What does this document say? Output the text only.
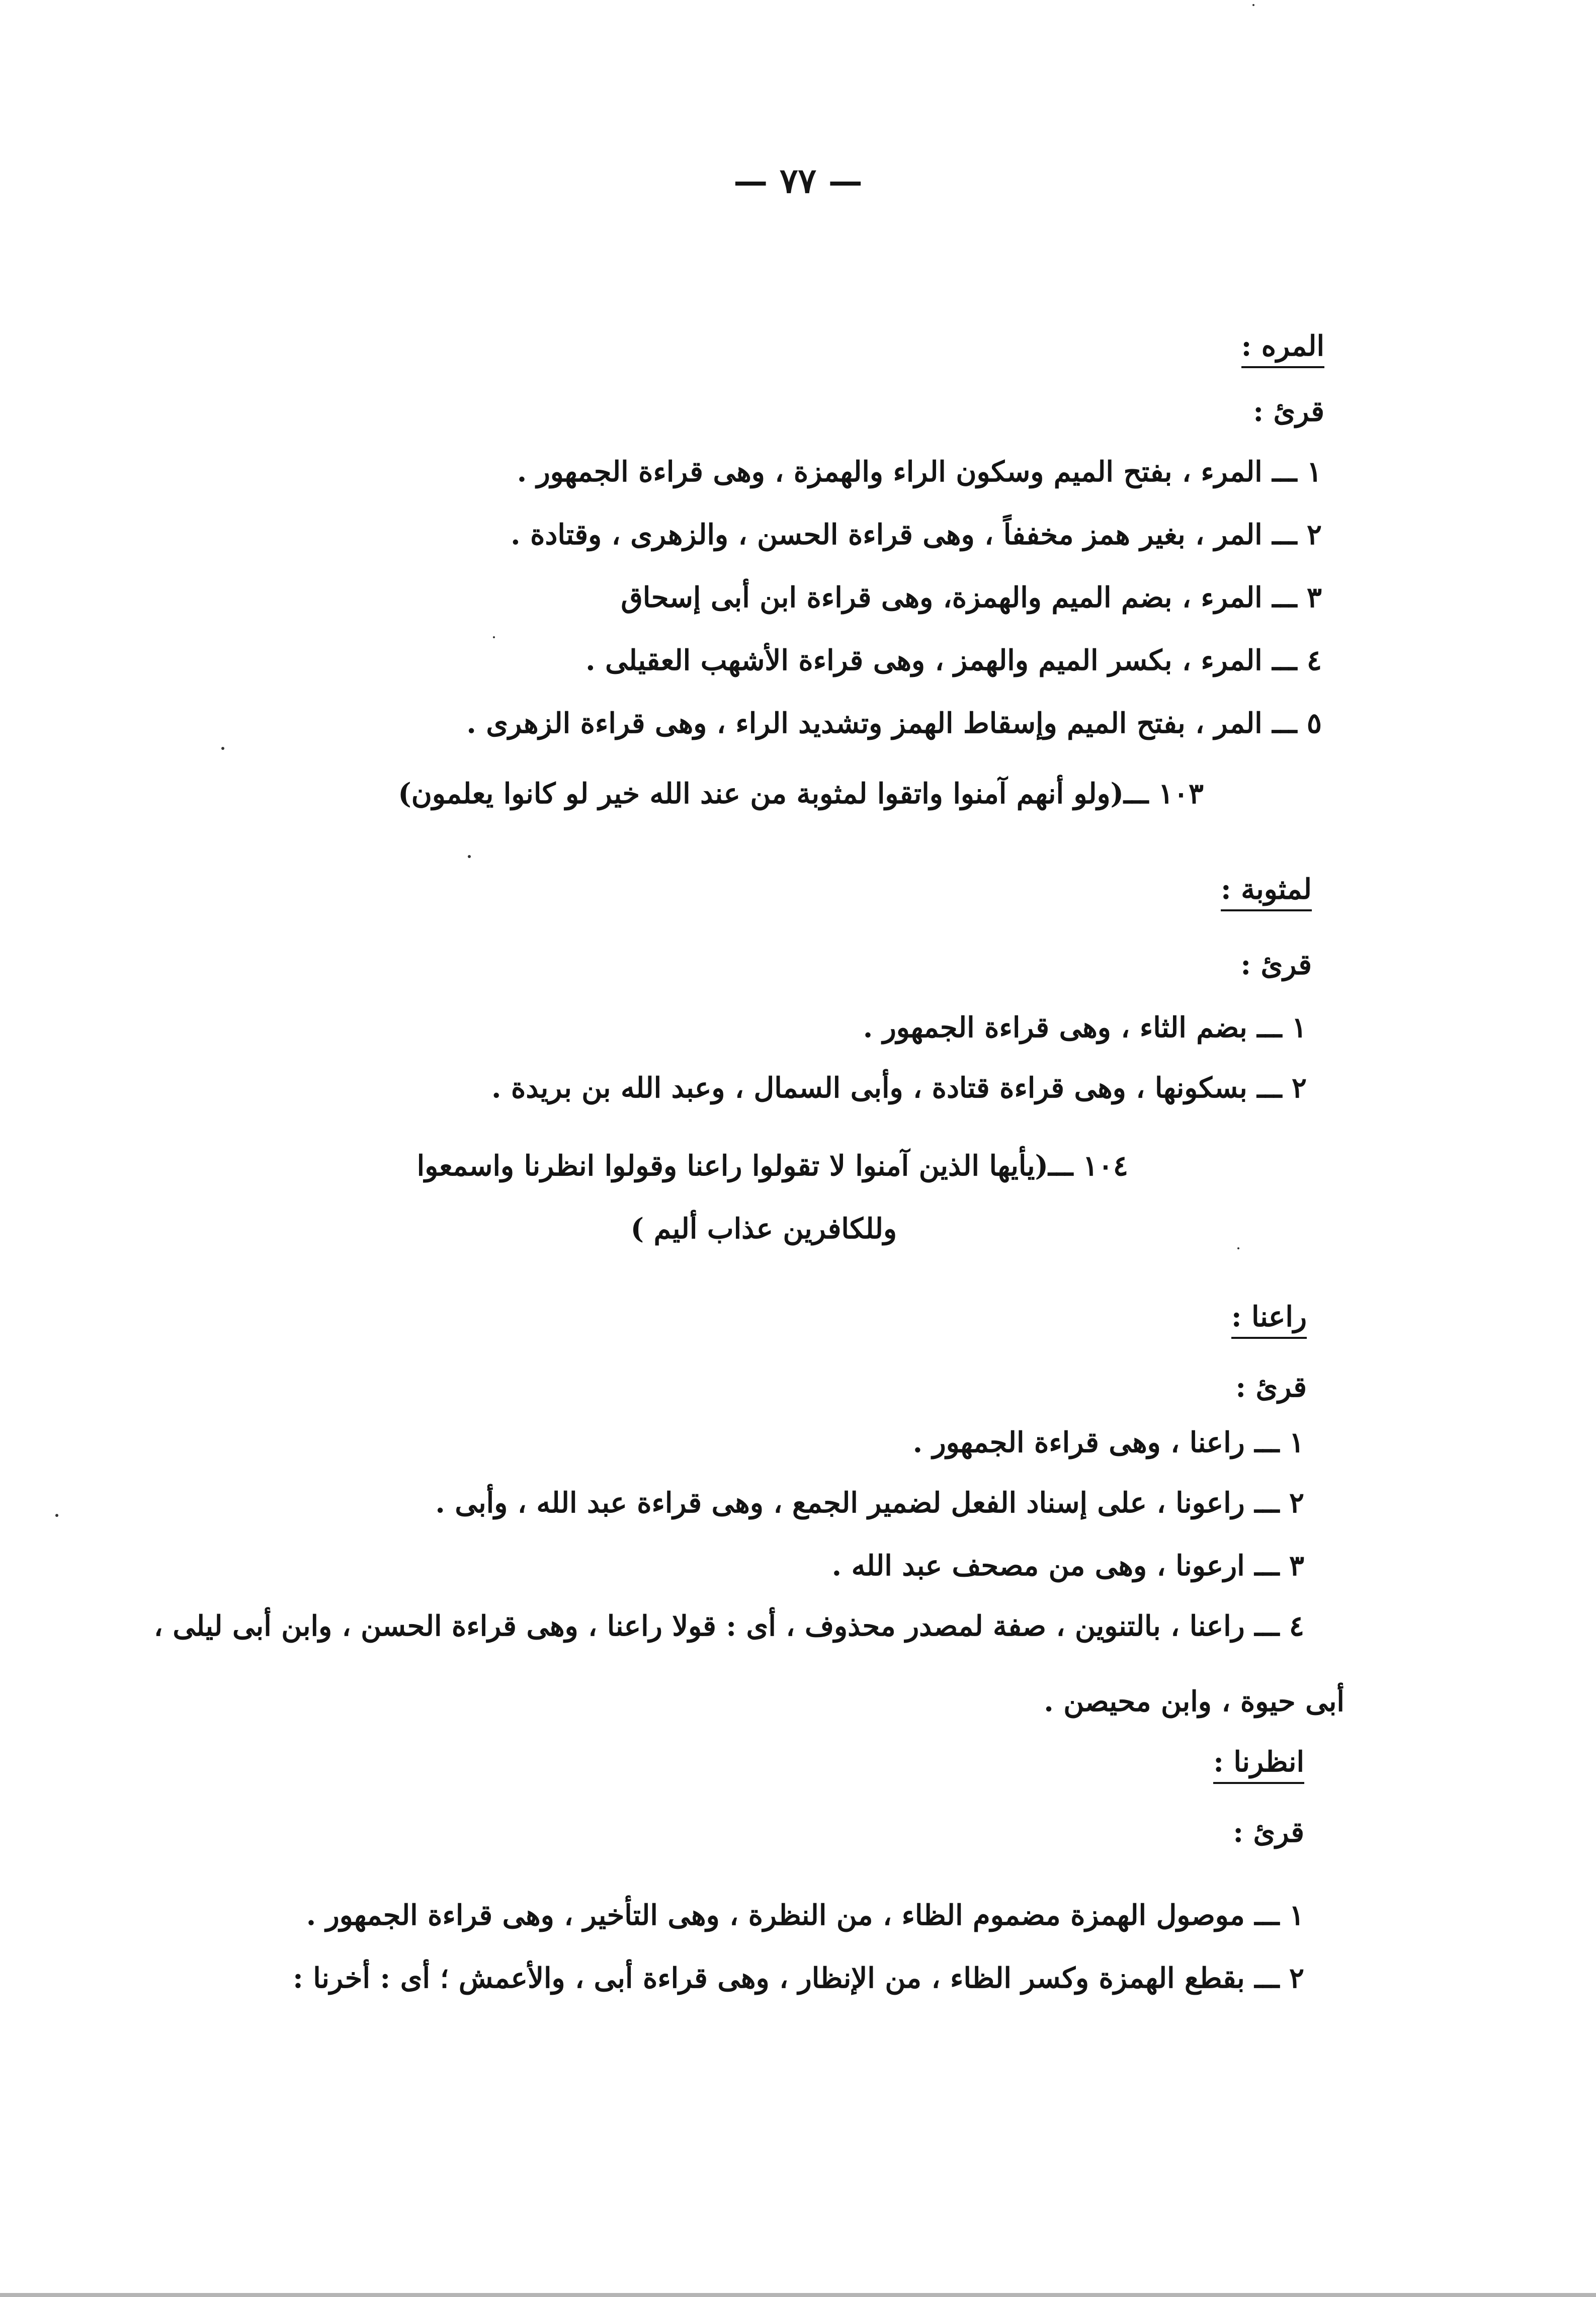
— ٧٧ —
المره :
قرئ :
١ ـــ المرء ، بفتح الميم وسكون الراء والهمزة ، وهى قراءة الجمهور .
٢ ـــ المر ، بغير همز مخففاً ، وهى قراءة الحسن ، والزهرى ، وقتادة .
٣ ـــ المرء ، بضم الميم والهمزة، وهى قراءة ابن أبى إسحاق
٤ ـــ المرء ، بكسر الميم والهمز ، وهى قراءة الأشهب العقيلى .
٥ ـــ المر ، بفتح الميم وإسقاط الهمز وتشديد الراء ، وهى قراءة الزهرى .
١٠٣ ـــ(ولو أنهم آمنوا واتقوا لمثوبة من عند الله خير لو كانوا يعلمون)
لمثوبة :
قرئ :
١ ـــ بضم الثاء ، وهى قراءة الجمهور .
٢ ـــ بسكونها ، وهى قراءة قتادة ، وأبى السمال ، وعبد الله بن بريدة .
١٠٤ ـــ(يأيها الذين آمنوا لا تقولوا راعنا وقولوا انظرنا واسمعوا
وللكافرين عذاب أليم )
راعنا :
قرئ :
١ ـــ راعنا ، وهى قراءة الجمهور .
٢ ـــ راعونا ، على إسناد الفعل لضمير الجمع ، وهى قراءة عبد الله ، وأبى .
٣ ـــ ارعونا ، وهى من مصحف عبد الله .
٤ ـــ راعنا ، بالتنوين ، صفة لمصدر محذوف ، أى : قولا راعنا ، وهى قراءة الحسن ، وابن أبى ليلى ،
أبى حيوة ، وابن محيصن .
انظرنا :
قرئ :
١ ـــ موصول الهمزة مضموم الظاء ، من النظرة ، وهى التأخير ، وهى قراءة الجمهور .
٢ ـــ بقطع الهمزة وكسر الظاء ، من الإنظار ، وهى قراءة أبى ، والأعمش ؛ أى : أخرنا :
